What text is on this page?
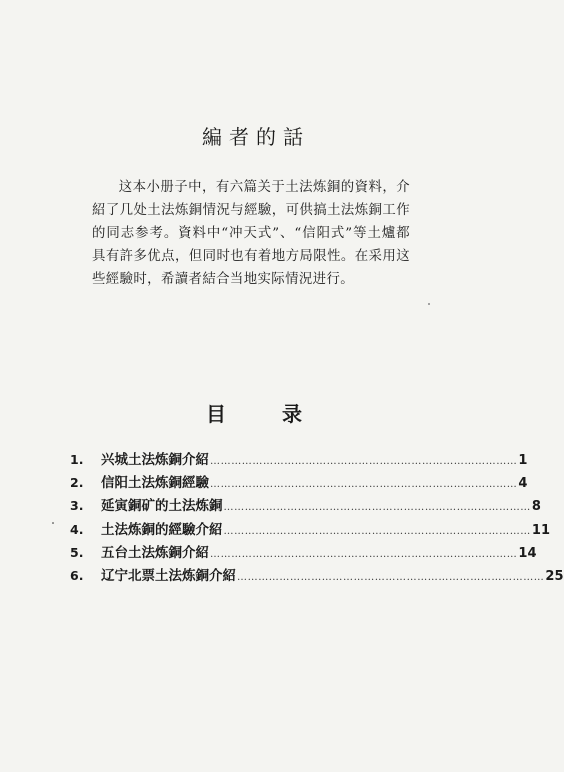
編者的話

这本小册子中，有六篇关于土法炼銅的資料，介紹了几处土法炼銅情況与經驗，可供搞土法炼銅工作的同志参考。資料中“冲天式”、“信阳式”等土爐都具有許多优点，但同时也有着地方局限性。在采用这些經驗时，希讀者結合当地实际情況进行。

目	录
1. 兴城土法炼銅介紹 …………………………………………………………………………… 1
2. 信阳土法炼銅經驗 …………………………………………………………………………… 4
3. 延寅銅矿的土法炼銅 …………………………………………………………………………… 8
4. 土法炼銅的經驗介紹 …………………………………………………………………………… 11
5. 五台土法炼銅介紹 …………………………………………………………………………… 14
6. 辽宁北票土法炼銅介紹 …………………………………………………………………………… 25
